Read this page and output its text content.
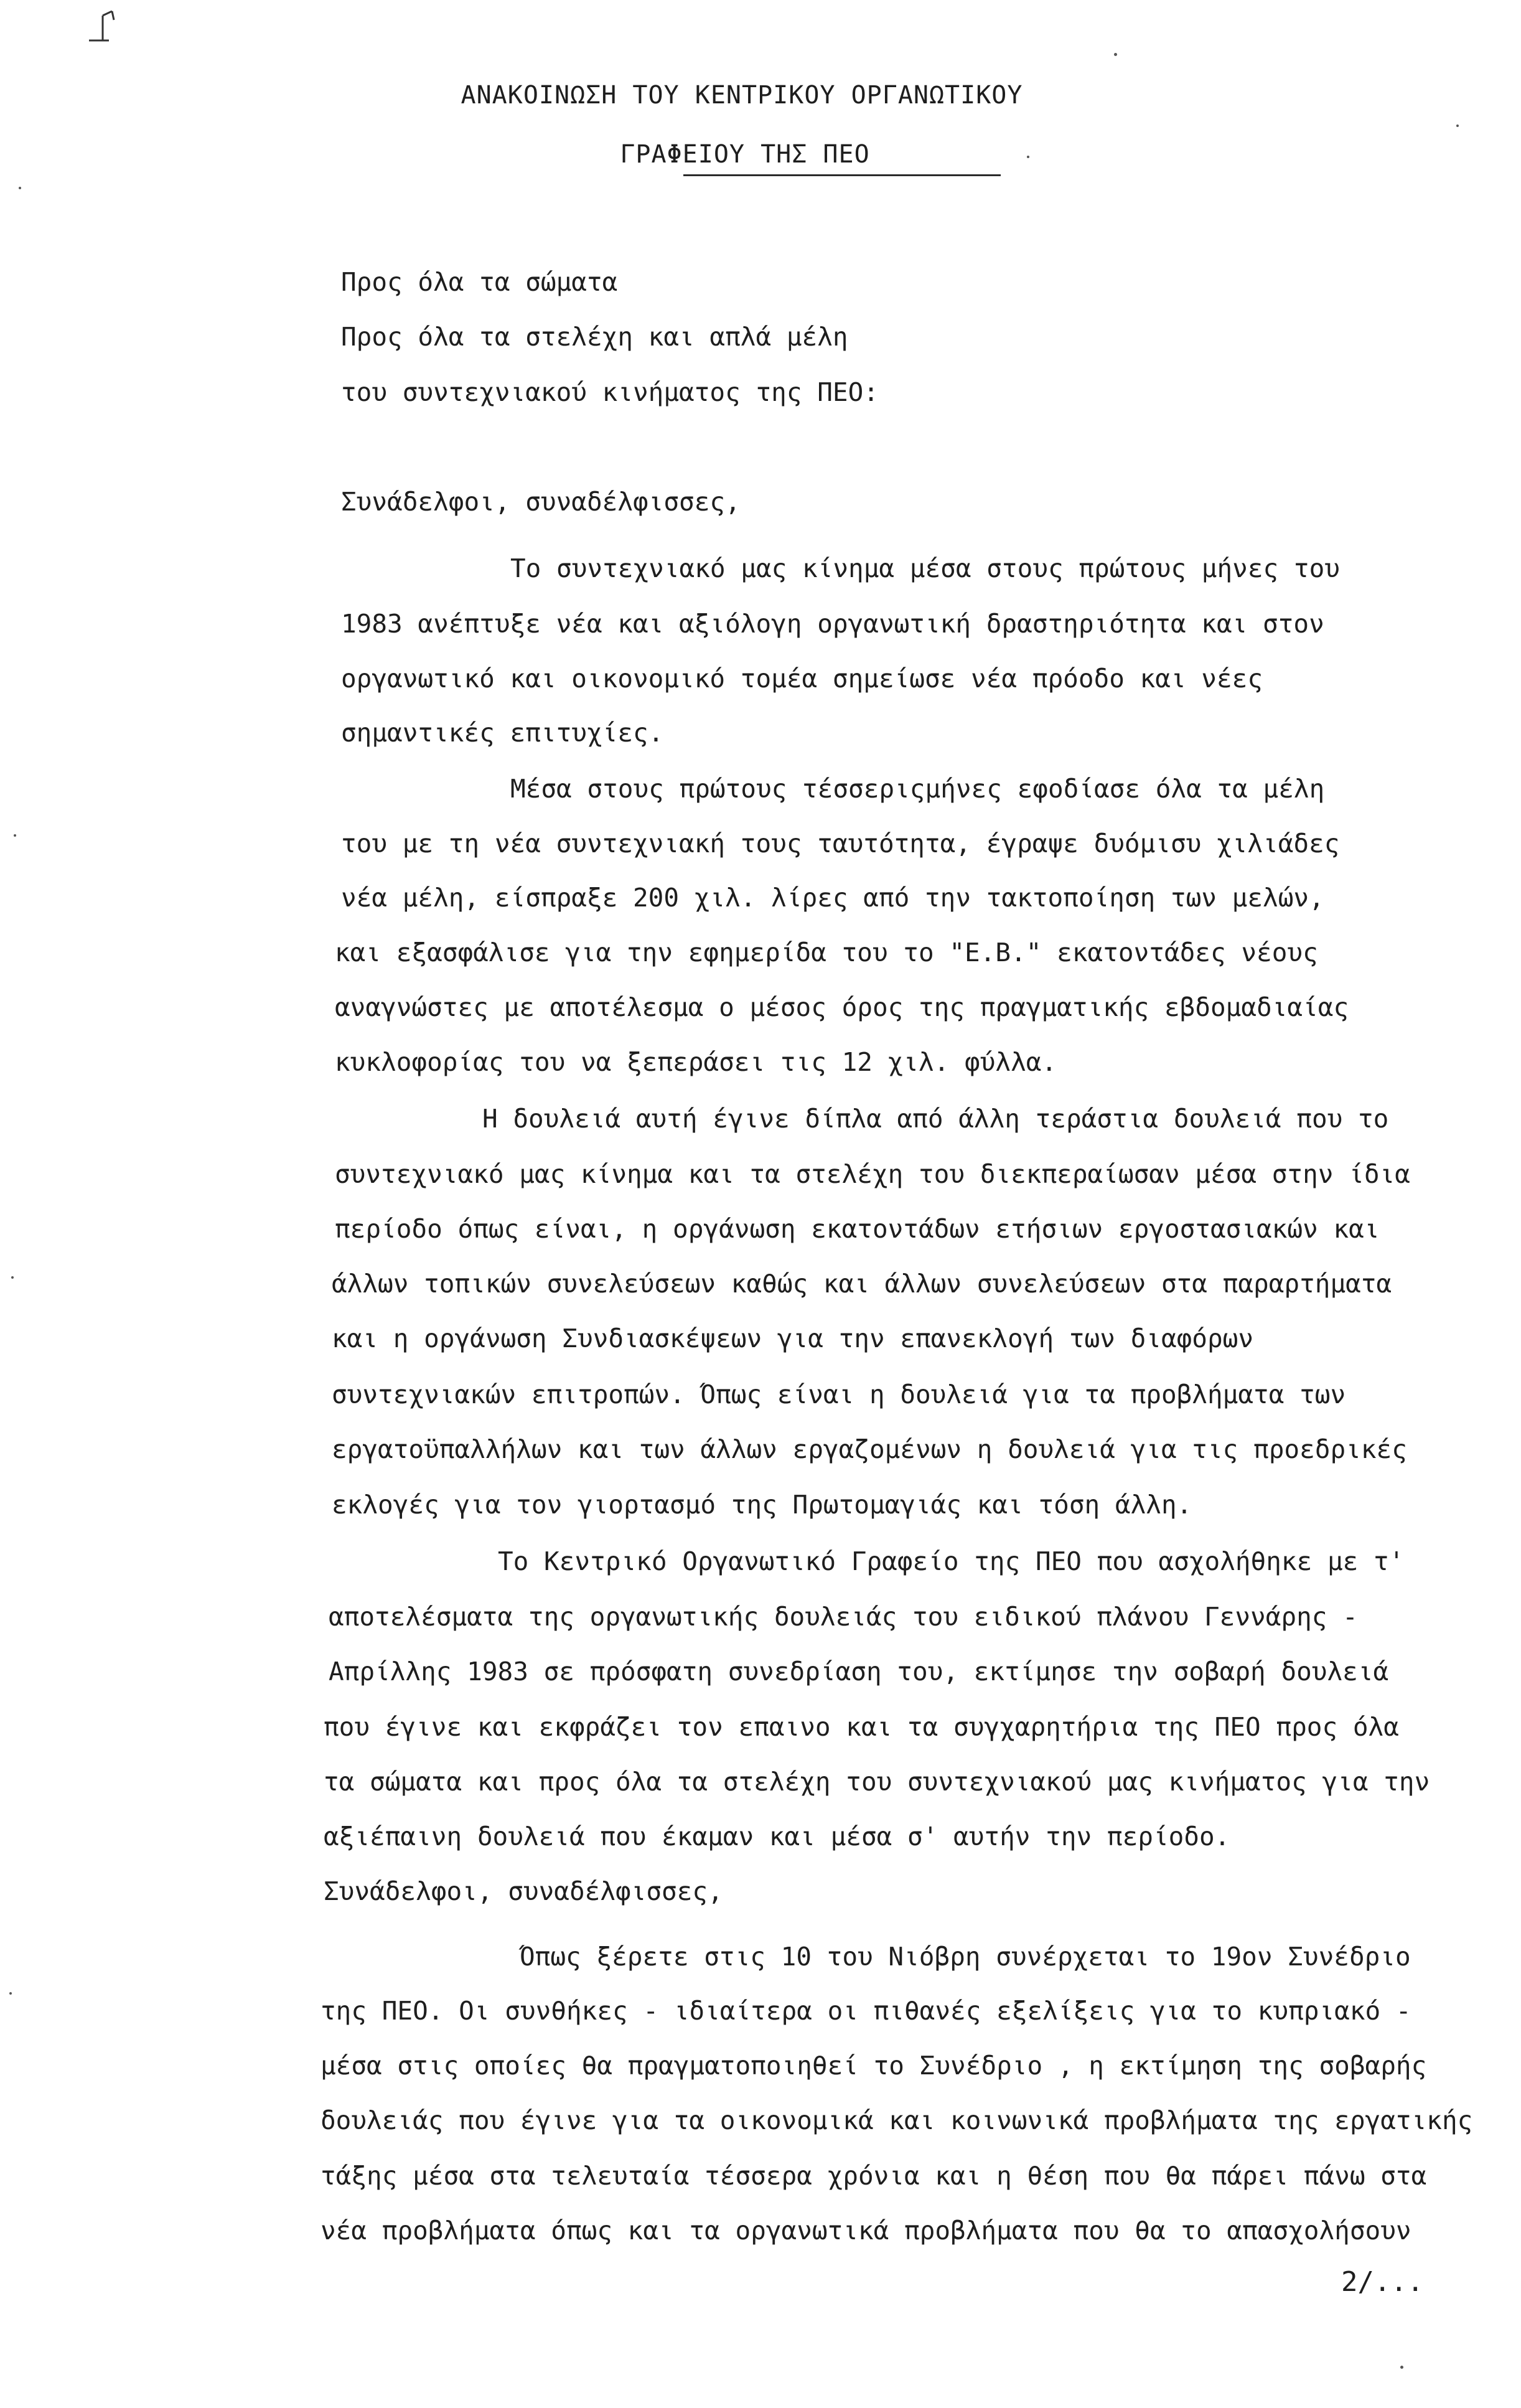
ΑΝΑΚΟΙΝΩΣΗ ΤΟΥ ΚΕΝΤΡΙΚΟΥ ΟΡΓΑΝΩΤΙΚΟΥ
ΓΡΑΦΕΙΟΥ ΤΗΣ ΠΕΟ
Προς όλα τα σώματα
Προς όλα τα στελέχη και απλά μέλη
του συντεχνιακού κινήματος της ΠΕΟ:
Συνάδελφοι, συναδέλφισσες,
Το συντεχνιακό μας κίνημα μέσα στους πρώτους μήνες του
1983 ανέπτυξε νέα και αξιόλογη οργανωτική δραστηριότητα και στον
οργανωτικό και οικονομικό τομέα σημείωσε νέα πρόοδο και νέες
σημαντικές επιτυχίες.
Μέσα στους πρώτους τέσσεριςμήνες εφοδίασε όλα τα μέλη
του με τη νέα συντεχνιακή τους ταυτότητα, έγραψε δυόμισυ χιλιάδες
νέα μέλη, είσπραξε 200 χιλ. λίρες από την τακτοποίηση των μελών,
και εξασφάλισε για την εφημερίδα του το "Ε.Β." εκατοντάδες νέους
αναγνώστες με αποτέλεσμα ο μέσος όρος της πραγματικής εβδομαδιαίας
κυκλοφορίας του να ξεπεράσει τις 12 χιλ. φύλλα.
Η δουλειά αυτή έγινε δίπλα από άλλη τεράστια δουλειά που το
συντεχνιακό μας κίνημα και τα στελέχη του διεκπεραίωσαν μέσα στην ίδια
περίοδο όπως είναι, η οργάνωση εκατοντάδων ετήσιων εργοστασιακών και
άλλων τοπικών συνελεύσεων καθώς και άλλων συνελεύσεων στα παραρτήματα
και η οργάνωση Συνδιασκέψεων για την επανεκλογή των διαφόρων
συντεχνιακών επιτροπών. Όπως είναι η δουλειά για τα προβλήματα των
εργατοϋπαλλήλων και των άλλων εργαζομένων η δουλειά για τις προεδρικές
εκλογές για τον γιορτασμό της Πρωτομαγιάς και τόση άλλη.
Το Κεντρικό Οργανωτικό Γραφείο της ΠΕΟ που ασχολήθηκε με τ'
αποτελέσματα της οργανωτικής δουλειάς του ειδικού πλάνου Γεννάρης -
Απρίλλης 1983 σε πρόσφατη συνεδρίαση του, εκτίμησε την σοβαρή δουλειά
που έγινε και εκφράζει τον επαινο και τα συγχαρητήρια της ΠΕΟ προς όλα
τα σώματα και προς όλα τα στελέχη του συντεχνιακού μας κινήματος για την
αξιέπαινη δουλειά που έκαμαν και μέσα σ' αυτήν την περίοδο.
Συνάδελφοι, συναδέλφισσες,
Όπως ξέρετε στις 10 του Νιόβρη συνέρχεται το 19ον Συνέδριο
της ΠΕΟ. Οι συνθήκες - ιδιαίτερα οι πιθανές εξελίξεις για το κυπριακό -
μέσα στις οποίες θα πραγματοποιηθεί το Συνέδριο , η εκτίμηση της σοβαρής
δουλειάς που έγινε για τα οικονομικά και κοινωνικά προβλήματα της εργατικής
τάξης μέσα στα τελευταία τέσσερα χρόνια και η θέση που θα πάρει πάνω στα
νέα προβλήματα όπως και τα οργανωτικά προβλήματα που θα το απασχολήσουν
2/...
